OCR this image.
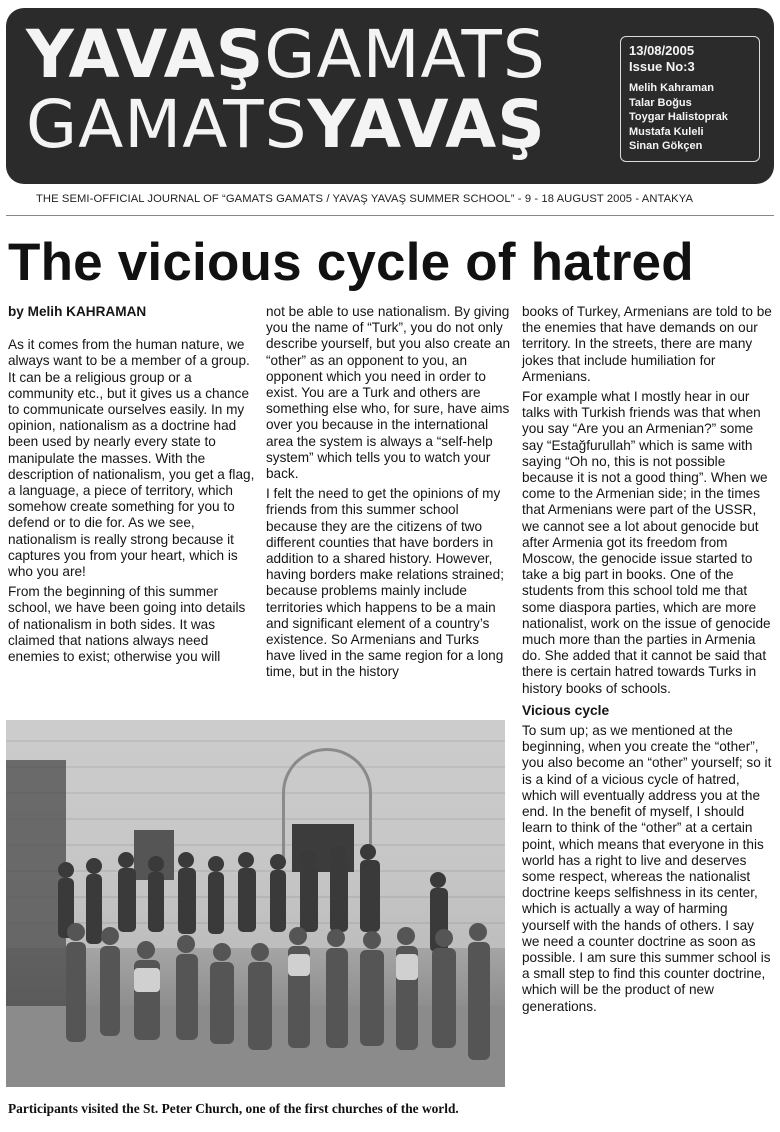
YAVAŞGAMATS
GAMATSYAVAŞ
13/08/2005
Issue No:3
Melih Kahraman
Talar Boğus
Toygar Halistoprak
Mustafa Kuleli
Sinan Gökçen
THE SEMI-OFFICIAL JOURNAL OF “GAMATS GAMATS / YAVAŞ YAVAŞ SUMMER SCHOOL” - 9 - 18 AUGUST 2005 - ANTAKYA
The vicious cycle of hatred

by Melih KAHRAMAN

As it comes from the human nature, we always want to be a member of a group. It can be a religious group or a community etc., but it gives us a chance to communicate ourselves easily. In my opinion, nationalism as a doctrine had been used by nearly every state to manipulate the masses. With the description of nationalism, you get a flag, a language, a piece of territory, which somehow create something for you to defend or to die for. As we see, nationalism is really strong because it captures you from your heart, which is who you are!

From the beginning of this summer school, we have been going into details of nationalism in both sides. It was claimed that nations always need enemies to exist; otherwise you will

not be able to use nationalism. By giving you the name of “Turk”, you do not only describe yourself, but you also create an “other” as an opponent to you, an opponent which you need in order to exist. You are a Turk and others are something else who, for sure, have aims over you because in the international area the system is always a “self-help system” which tells you to watch your back.

I felt the need to get the opinions of my friends from this summer school because they are the citizens of two different counties that have borders in addition to a shared history. However, having borders make relations strained; because problems mainly include territories which happens to be a main and significant element of a country’s existence. So Armenians and Turks have lived in the same region for a long time, but in the history

books of Turkey, Armenians are told to be the enemies that have demands on our territory. In the streets, there are many jokes that include humiliation for Armenians.

For example what I mostly hear in our talks with Turkish friends was that when you say “Are you an Armenian?” some say “Estağfurullah” which is same with saying “Oh no, this is not possible because it is not a good thing”. When we come to the Armenian side; in the times that Armenians were part of the USSR, we cannot see a lot about genocide but after Armenia got its freedom from Moscow, the genocide issue started to take a big part in books. One of the students from this school told me that some diaspora parties, which are more nationalist, work on the issue of genocide much more than the parties in Armenia do. She added that it cannot be said that there is certain hatred towards Turks in history books of schools.

Vicious cycle

To sum up; as we mentioned at the beginning, when you create the “other”, you also become an “other” yourself; so it is a kind of a vicious cycle of hatred, which will eventually address you at the end. In the benefit of myself, I should learn to think of the “other” at a certain point, which means that everyone in this world has a right to live and deserves some respect, whereas the nationalist doctrine keeps selfishness in its center, which is actually a way of harming yourself with the hands of others. I say we need a counter doctrine as soon as possible. I am sure this summer school is a small step to find this counter doctrine, which will be the product of new generations.

Participants visited the St. Peter Church, one of the first churches of the world.
